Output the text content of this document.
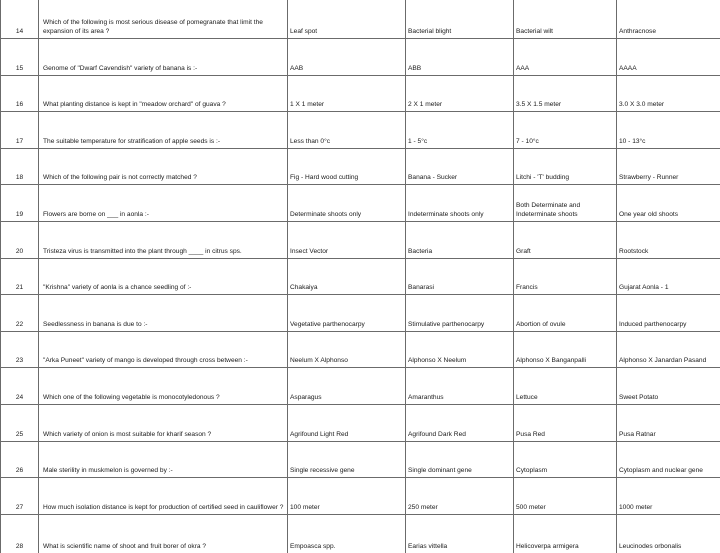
14	Which of the following is most serious disease of pomegranate that limit the expansion of its area ?	Leaf spot	Bacterial blight	Bacterial wilt	Anthracnose
15	Genome of "Dwarf Cavendish" variety of banana is :-	AAB	ABB	AAA	AAAA
16	What planting distance is kept in "meadow orchard" of guava ?	1 X 1 meter	2 X 1 meter	3.5 X 1.5 meter	3.0 X 3.0 meter
17	The suitable temperature for stratification of apple seeds is :-	Less than 0°c	1 - 5°c	7 - 10°c	10 - 13°c
18	Which of the following pair is not correctly matched ?	Fig - Hard wood cutting	Banana - Sucker	Litchi - 'T' budding	Strawberry - Runner
19	Flowers are borne on ___ in aonla :-	Determinate shoots only	Indeterminate shoots only	Both Determinate and Indeterminate shoots	One year old shoots
20	Tristeza virus is transmitted into the plant through ____ in citrus sps.	Insect Vector	Bacteria	Graft	Rootstock
21	"Krishna" variety of aonla is a chance seedling of :-	Chakaiya	Banarasi	Francis	Gujarat Aonla - 1
22	Seedlessness in banana is due to :-	Vegetative parthenocarpy	Stimulative parthenocarpy	Abortion of ovule	Induced parthenocarpy
23	"Arka Puneet" variety of mango is developed through cross between :-	Neelum X Alphonso	Alphonso X Neelum	Alphonso X Banganpalli	Alphonso X Janardan Pasand
24	Which one of the following vegetable is monocotyledonous ?	Asparagus	Amaranthus	Lettuce	Sweet Potato
25	Which variety of onion is most suitable for kharif season ?	Agrifound Light Red	Agrifound Dark Red	Pusa Red	Pusa Ratnar
26	Male sterility in muskmelon is governed by :-	Single recessive gene	Single dominant gene	Cytoplasm	Cytoplasm and nuclear gene
27	How much isolation distance is kept for production of certified seed in cauliflower ?	100 meter	250 meter	500 meter	1000 meter
28	What is scientific name of shoot and fruit borer of okra ?	Empoasca spp.	Earias vittella	Helicoverpa armigera	Leucinodes orbonalis
